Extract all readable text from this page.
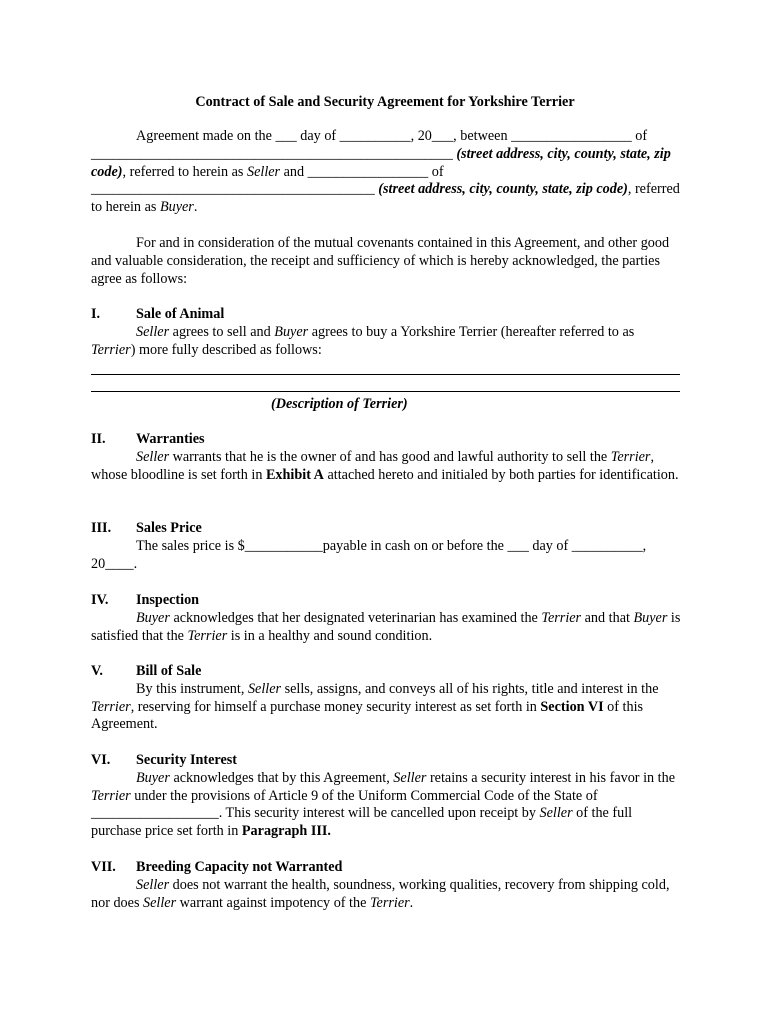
Contract of Sale and Security Agreement for Yorkshire Terrier
Agreement made on the ___ day of __________, 20___, between _________________ of ___________________________________________________ (street address, city, county, state, zip code), referred to herein as Seller and _________________ of ________________________________________ (street address, city, county, state, zip code), referred to herein as Buyer.
For and in consideration of the mutual covenants contained in this Agreement, and other good and valuable consideration, the receipt and sufficiency of which is hereby acknowledged, the parties agree as follows:
I.	Sale of Animal
Seller agrees to sell and Buyer agrees to buy a Yorkshire Terrier (hereafter referred to as Terrier) more fully described as follows:
(Description of Terrier)
II. Warranties
Seller warrants that he is the owner of and has good and lawful authority to sell the Terrier, whose bloodline is set forth in Exhibit A attached hereto and initialed by both parties for identification.
III. Sales Price
The sales price is $___________payable in cash on or before the ___ day of __________, 20____.
IV. Inspection
Buyer acknowledges that her designated veterinarian has examined the Terrier and that Buyer is satisfied that the Terrier is in a healthy and sound condition.
V. Bill of Sale
By this instrument, Seller sells, assigns, and conveys all of his rights, title and interest in the Terrier, reserving for himself a purchase money security interest as set forth in Section VI of this Agreement.
VI. Security Interest
Buyer acknowledges that by this Agreement, Seller retains a security interest in his favor in the Terrier under the provisions of Article 9 of the Uniform Commercial Code of the State of __________________. This security interest will be cancelled upon receipt by Seller of the full purchase price set forth in Paragraph III.
VII. Breeding Capacity not Warranted
Seller does not warrant the health, soundness, working qualities, recovery from shipping cold, nor does Seller warrant against impotency of the Terrier.
